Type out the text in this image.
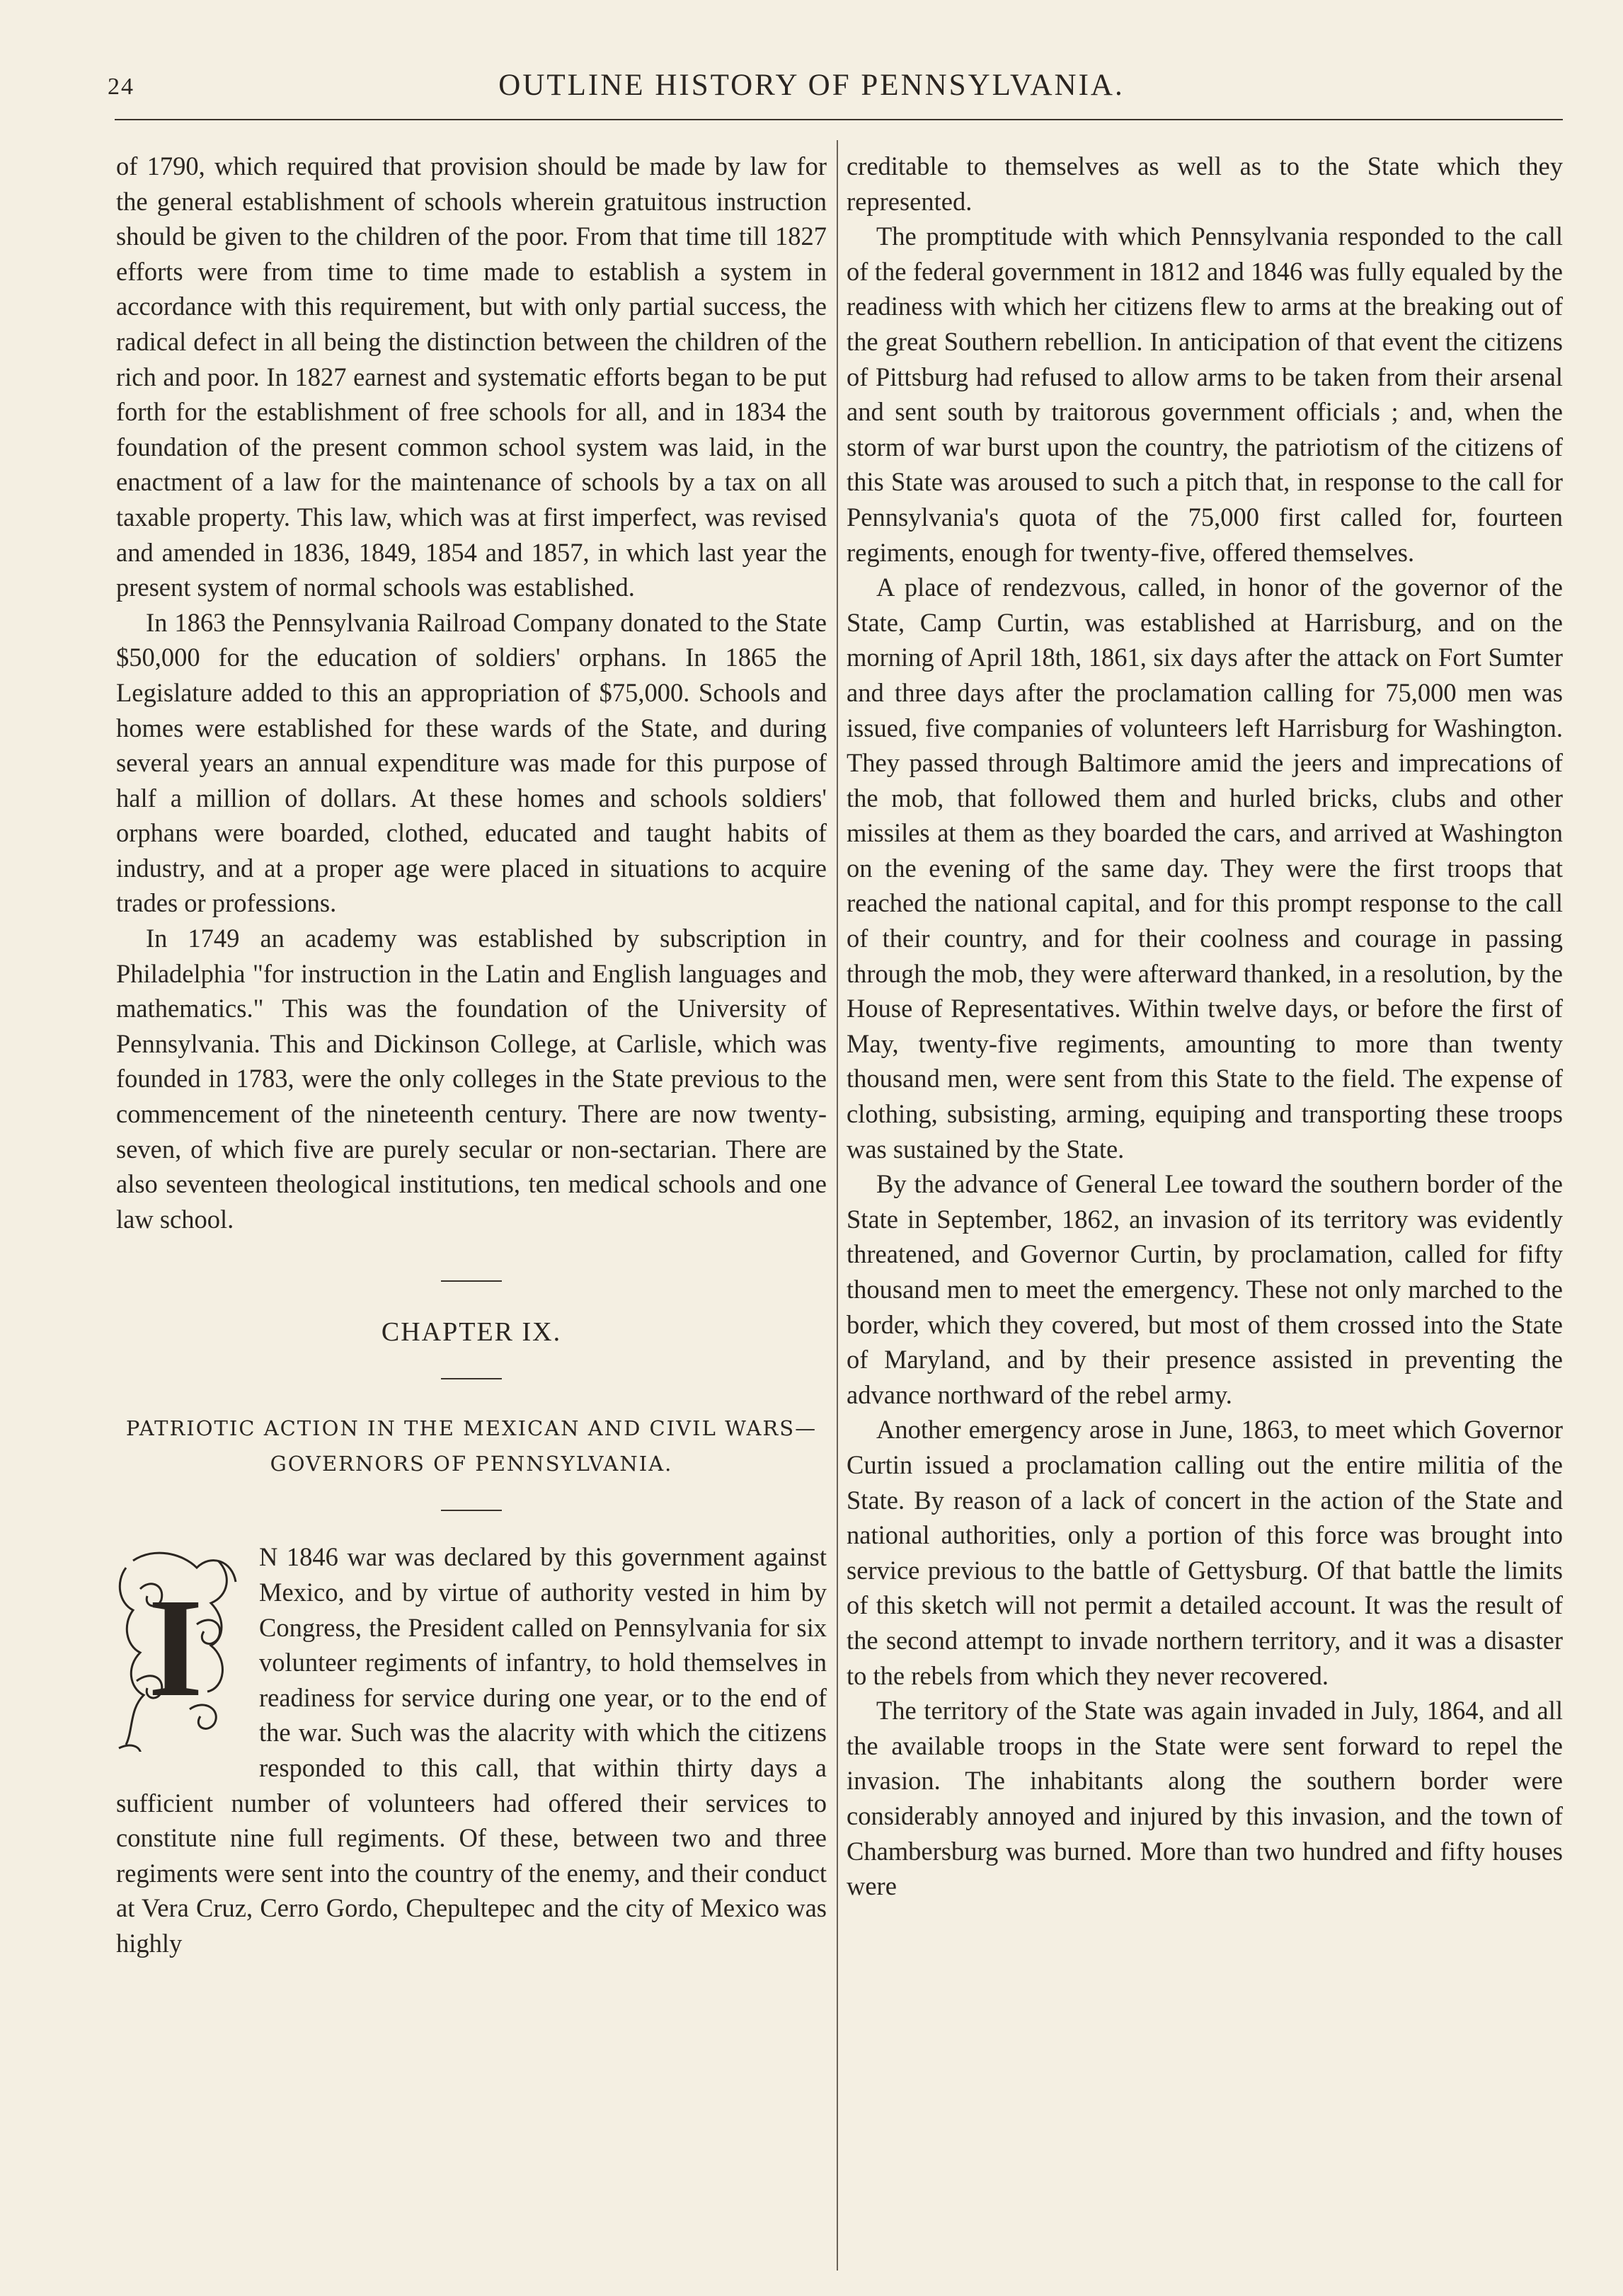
24	OUTLINE HISTORY OF PENNSYLVANIA.

of 1790, which required that provision should be made by law for the general establishment of schools wherein gratuitous instruction should be given to the children of the poor. From that time till 1827 efforts were from time to time made to establish a system in accordance with this requirement, but with only partial success, the radical defect in all being the distinction between the children of the rich and poor. In 1827 earnest and systematic efforts began to be put forth for the establishment of free schools for all, and in 1834 the foundation of the present common school system was laid, in the enactment of a law for the maintenance of schools by a tax on all taxable property. This law, which was at first imperfect, was revised and amended in 1836, 1849, 1854 and 1857, in which last year the present system of normal schools was established.

In 1863 the Pennsylvania Railroad Company donated to the State $50,000 for the education of soldiers' orphans. In 1865 the Legislature added to this an appropriation of $75,000. Schools and homes were established for these wards of the State, and during several years an annual expenditure was made for this purpose of half a million of dollars. At these homes and schools soldiers' orphans were boarded, clothed, educated and taught habits of industry, and at a proper age were placed in situations to acquire trades or professions.

In 1749 an academy was established by subscription in Philadelphia "for instruction in the Latin and English languages and mathematics." This was the foundation of the University of Pennsylvania. This and Dickinson College, at Carlisle, which was founded in 1783, were the only colleges in the State previous to the commencement of the nineteenth century. There are now twenty-seven, of which five are purely secular or non-sectarian. There are also seventeen theological institutions, ten medical schools and one law school.

CHAPTER IX.
PATRIOTIC ACTION IN THE MEXICAN AND CIVIL WARS—
GOVERNORS OF PENNSYLVANIA.

I
N 1846 war was declared by this government against Mexico, and by virtue of authority vested in him by Congress, the President called on Pennsylvania for six volunteer regiments of infantry, to hold themselves in readiness for service during one year, or to the end of the war. Such was the alacrity with which the citizens responded to this call, that within thirty days a sufficient number of volunteers had offered their services to constitute nine full regiments. Of these, between two and three regiments were sent into the country of the enemy, and their conduct at Vera Cruz, Cerro Gordo, Chepultepec and the city of Mexico was highly

creditable to themselves as well as to the State which they represented.

The promptitude with which Pennsylvania responded to the call of the federal government in 1812 and 1846 was fully equaled by the readiness with which her citizens flew to arms at the breaking out of the great Southern rebellion. In anticipation of that event the citizens of Pittsburg had refused to allow arms to be taken from their arsenal and sent south by traitorous government officials ; and, when the storm of war burst upon the country, the patriotism of the citizens of this State was aroused to such a pitch that, in response to the call for Pennsylvania's quota of the 75,000 first called for, fourteen regiments, enough for twenty-five, offered themselves.

A place of rendezvous, called, in honor of the governor of the State, Camp Curtin, was established at Harrisburg, and on the morning of April 18th, 1861, six days after the attack on Fort Sumter and three days after the proclamation calling for 75,000 men was issued, five companies of volunteers left Harrisburg for Washington. They passed through Baltimore amid the jeers and imprecations of the mob, that followed them and hurled bricks, clubs and other missiles at them as they boarded the cars, and arrived at Washington on the evening of the same day. They were the first troops that reached the national capital, and for this prompt response to the call of their country, and for their coolness and courage in passing through the mob, they were afterward thanked, in a resolution, by the House of Representatives. Within twelve days, or before the first of May, twenty-five regiments, amounting to more than twenty thousand men, were sent from this State to the field. The expense of clothing, subsisting, arming, equiping and transporting these troops was sustained by the State.

By the advance of General Lee toward the southern border of the State in September, 1862, an invasion of its territory was evidently threatened, and Governor Curtin, by proclamation, called for fifty thousand men to meet the emergency. These not only marched to the border, which they covered, but most of them crossed into the State of Maryland, and by their presence assisted in preventing the advance northward of the rebel army.

Another emergency arose in June, 1863, to meet which Governor Curtin issued a proclamation calling out the entire militia of the State. By reason of a lack of concert in the action of the State and national authorities, only a portion of this force was brought into service previous to the battle of Gettysburg. Of that battle the limits of this sketch will not permit a detailed account. It was the result of the second attempt to invade northern territory, and it was a disaster to the rebels from which they never recovered.

The territory of the State was again invaded in July, 1864, and all the available troops in the State were sent forward to repel the invasion. The inhabitants along the southern border were considerably annoyed and injured by this invasion, and the town of Chambersburg was burned. More than two hundred and fifty houses were
